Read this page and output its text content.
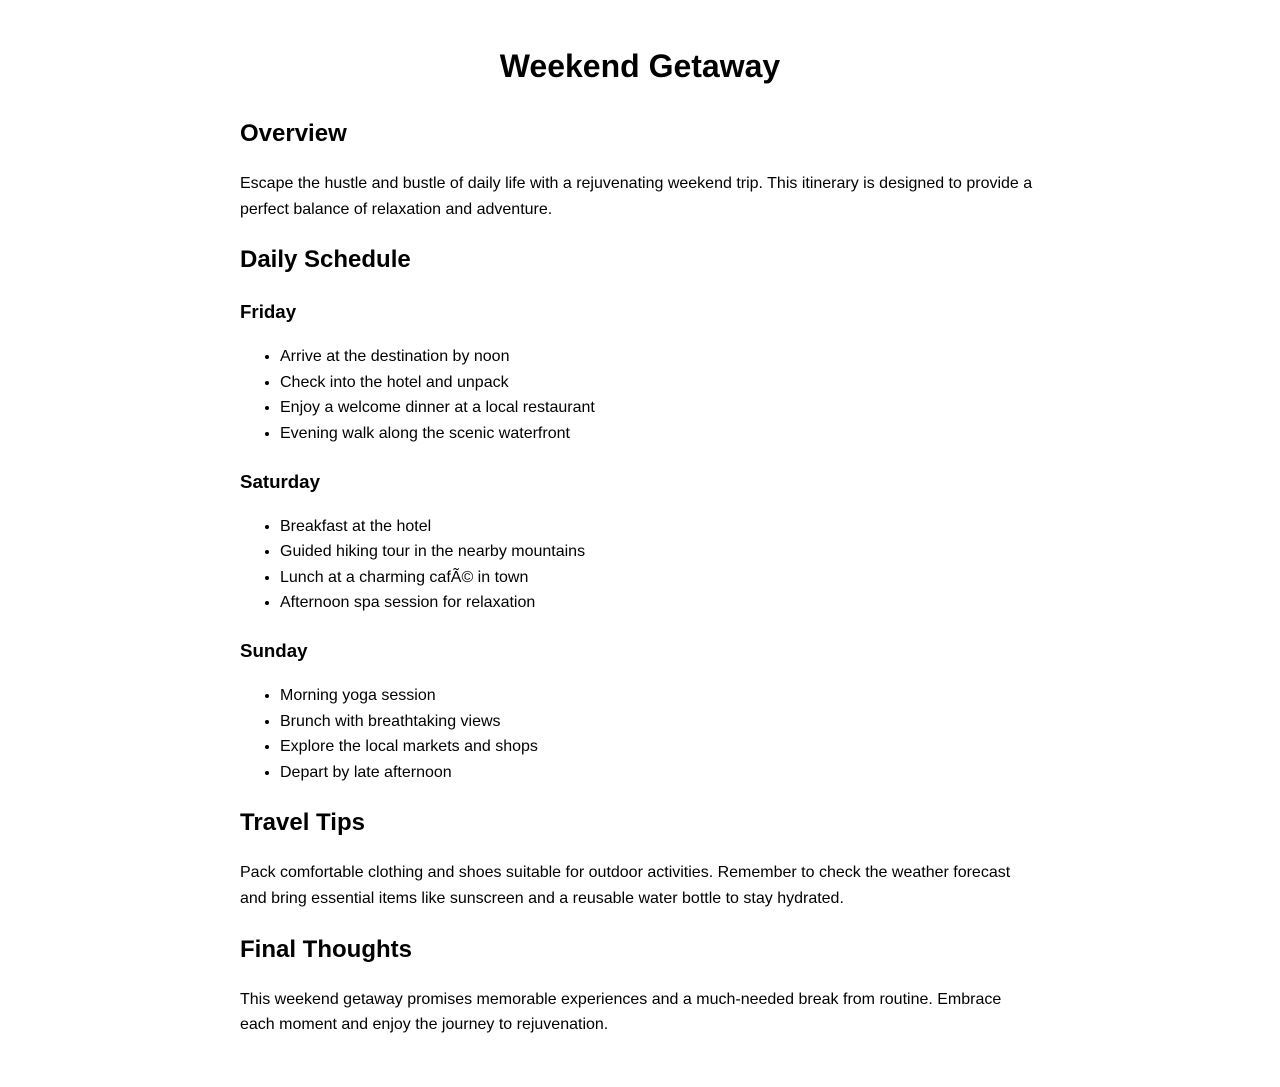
Weekend Getaway
Overview

Escape the hustle and bustle of daily life with a rejuvenating weekend trip. This itinerary is designed to provide a perfect balance of relaxation and adventure.

Daily Schedule
Friday
• Arrive at the destination by noon
• Check into the hotel and unpack
• Enjoy a welcome dinner at a local restaurant
• Evening walk along the scenic waterfront
Saturday
• Breakfast at the hotel
• Guided hiking tour in the nearby mountains
• Lunch at a charming cafÃ© in town
• Afternoon spa session for relaxation
Sunday
• Morning yoga session
• Brunch with breathtaking views
• Explore the local markets and shops
• Depart by late afternoon
Travel Tips

Pack comfortable clothing and shoes suitable for outdoor activities. Remember to check the weather forecast and bring essential items like sunscreen and a reusable water bottle to stay hydrated.

Final Thoughts

This weekend getaway promises memorable experiences and a much-needed break from routine. Embrace each moment and enjoy the journey to rejuvenation.
